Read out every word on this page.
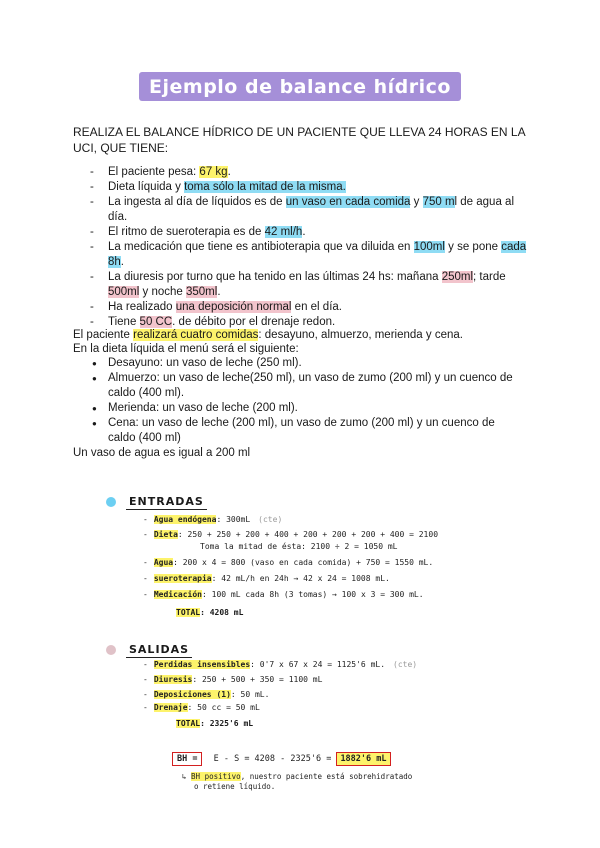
Ejemplo de balance hídrico
REALIZA EL BALANCE HÍDRICO DE UN PACIENTE QUE LLEVA 24 HORAS EN LA UCI, QUE TIENE:
- El paciente pesa: 67 kg.
- Dieta líquida y toma sólo la mitad de la misma.
- La ingesta al día de líquidos es de un vaso en cada comida y 750 ml de agua al día.
- El ritmo de sueroterapia es de 42 ml/h.
- La medicación que tiene es antibioterapia que va diluida en 100ml y se pone cada 8h.
- La diuresis por turno que ha tenido en las últimas 24 hs: mañana 250ml; tarde 500ml y noche 350ml.
- Ha realizado una deposición normal en el día.
- Tiene 50 CC. de débito por el drenaje redon.
El paciente realizará cuatro comidas: desayuno, almuerzo, merienda y cena.
En la dieta líquida el menú será el siguiente:
● Desayuno: un vaso de leche (250 ml).
● Almuerzo: un vaso de leche(250 ml), un vaso de zumo (200 ml) y un cuenco de caldo (400 ml).
● Merienda: un vaso de leche (200 ml).
● Cena: un vaso de leche (200 ml), un vaso de zumo (200 ml) y un cuenco de caldo (400 ml)
Un vaso de agua es igual a 200 ml
ENTRADAS
- Agua endógena: 300mL (cte)
- Dieta: 250 + 250 + 200 + 400 + 200 + 200 + 200 + 400 = 2100
Toma la mitad de ésta: 2100 ÷ 2 = 1050 mL
- Agua: 200 x 4 = 800 (vaso en cada comida) + 750 = 1550 mL.
- sueroterapia: 42 mL/h en 24h → 42 x 24 = 1008 mL.
- Medicación: 100 mL cada 8h (3 tomas) → 100 x 3 = 300 mL.
TOTAL: 4208 mL
SALIDAS
- Perdidas insensibles: 0'7 x 67 x 24 = 1125'6 mL. (cte)
- Diuresis: 250 + 500 + 350 = 1100 mL
- Deposiciones (1): 50 mL.
- Drenaje: 50 cc = 50 mL
TOTAL: 2325'6 mL
BH = E - S = 4208 - 2325'6 = 1882'6 mL
↳ BH positivo, nuestro paciente está sobrehidratado
o retiene líquido.
